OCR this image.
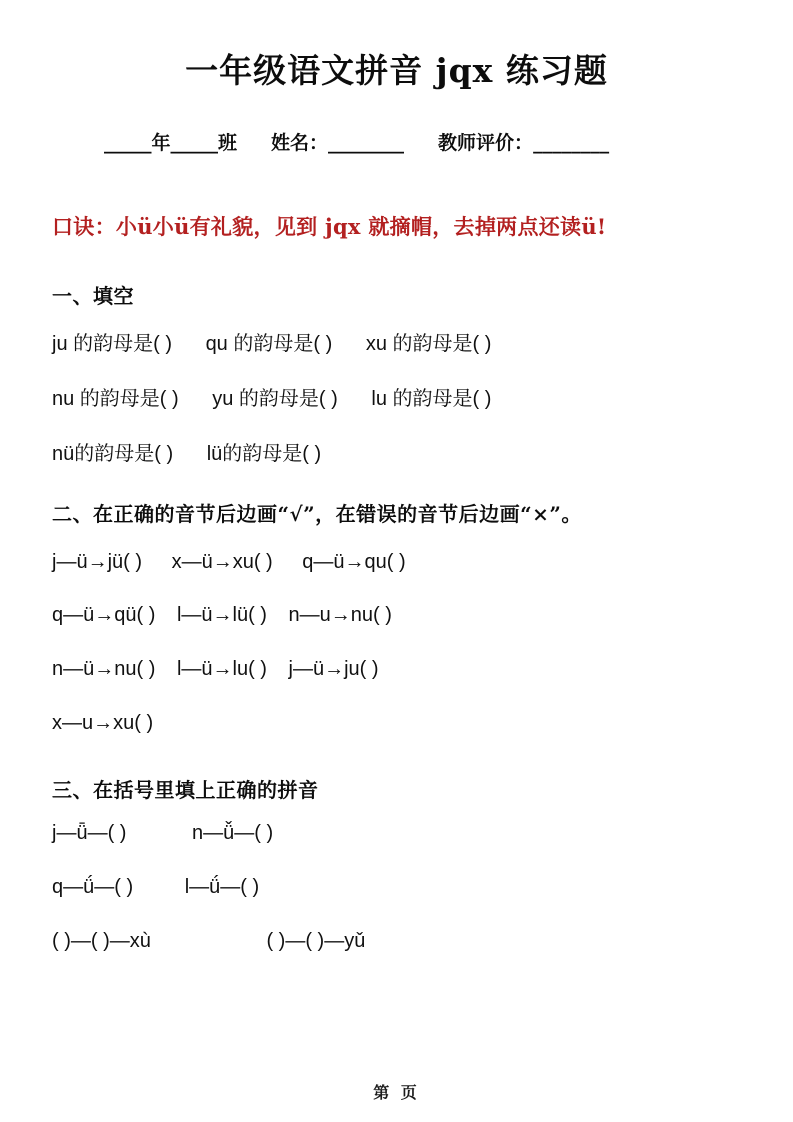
一年级语文拼音 jqx 练习题
_____ 年 _____ 班 姓名： ________ 教师评价： ________
口诀：小ü小ü有礼貌，见到 jqx 就摘帽，去掉两点还读ü!
一、填空
ju 的韵母是( ) qu 的韵母是( ) xu 的韵母是( )
nu 的韵母是( ) yu 的韵母是( ) lu 的韵母是( )
nü的韵母是( ) lü的韵母是( )
二、在正确的音节后边画“√”，在错误的音节后边画“×”。
j—ü→jü( ) x—ü→xu( ) q—ü→qu( )
q—ü→qü( ) l—ü→lü( ) n—u→nu( )
n—ü→nu( ) l—ü→lu( ) j—ü→ju( )
x—u→xu( )
三、在括号里填上正确的拼音
j—ǖ—( )	n—ǚ—( )
q—ǘ—( )	l—ǘ—( )
( )—( )—xù	( )—( )—yǔ
第 页
